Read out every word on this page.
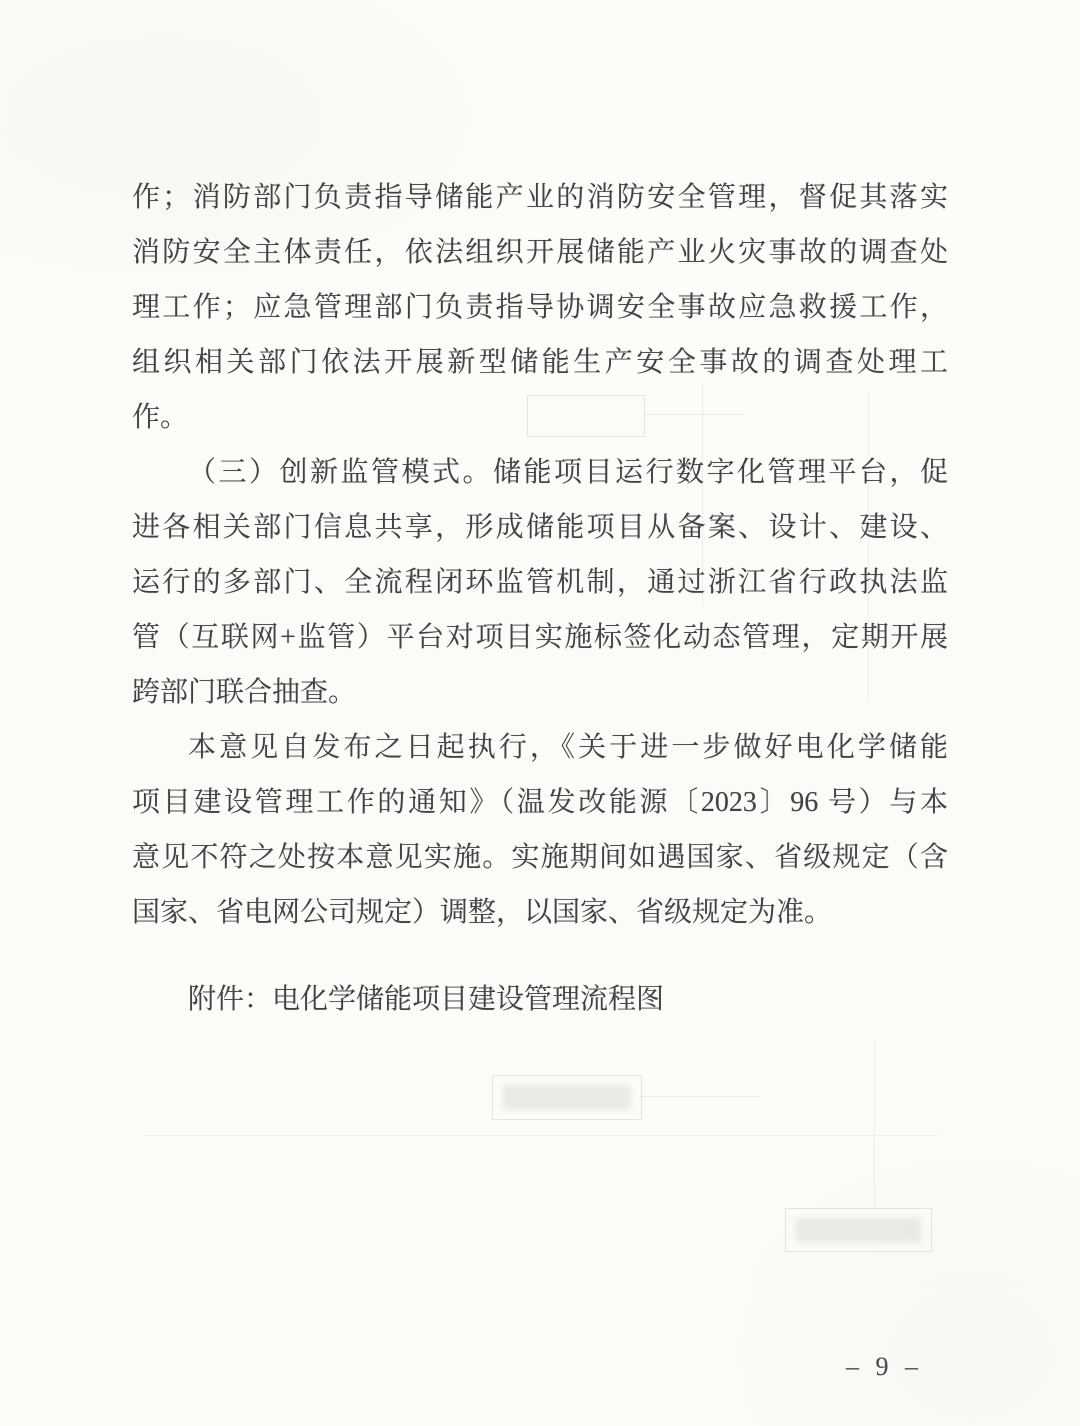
作；消防部门负责指导储能产业的消防安全管理，督促其落实
消防安全主体责任，依法组织开展储能产业火灾事故的调查处
理工作；应急管理部门负责指导协调安全事故应急救援工作，
组织相关部门依法开展新型储能生产安全事故的调查处理工
作。
（三）创新监管模式。储能项目运行数字化管理平台，促
进各相关部门信息共享，形成储能项目从备案、设计、建设、
运行的多部门、全流程闭环监管机制，通过浙江省行政执法监
管（互联网+监管）平台对项目实施标签化动态管理，定期开展
跨部门联合抽查。
本意见自发布之日起执行，《关于进一步做好电化学储能
项目建设管理工作的通知》（温发改能源〔2023〕96 号）与本
意见不符之处按本意见实施。实施期间如遇国家、省级规定（含
国家、省电网公司规定）调整，以国家、省级规定为准。
附件：电化学储能项目建设管理流程图
– 9 –
